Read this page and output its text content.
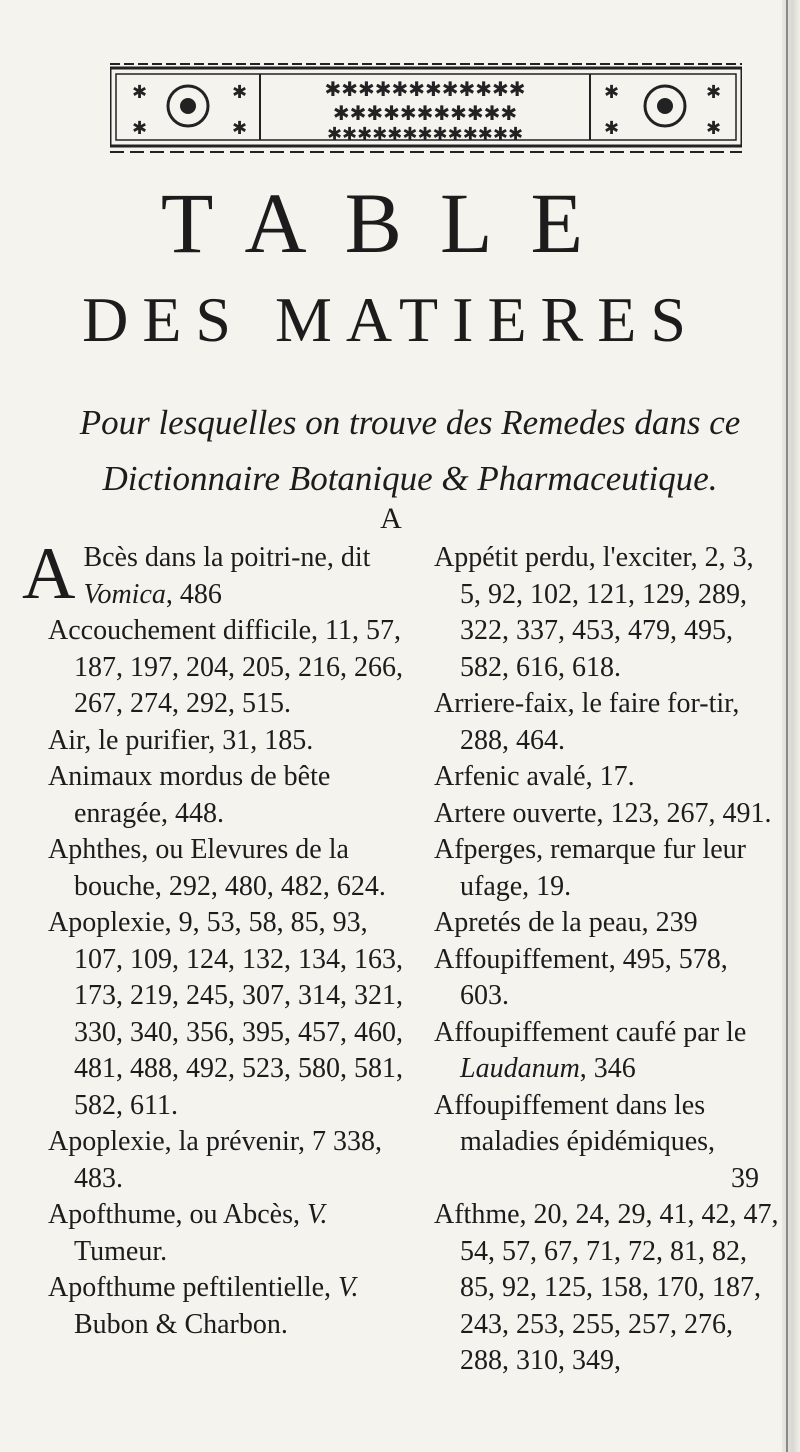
✱✱✱✱✱✱✱✱✱✱✱✱
✱✱✱✱✱✱✱✱✱✱✱
✱✱✱✱✱✱✱✱✱✱✱✱✱
✱
✱
✱
✱
✱
✱
✱
✱
TABLE
DES MATIERES
Pour lesquelles on trouve des Remedes dans ce Dictionnaire Botanique & Pharmaceutique.
A

A Bcès dans la poitri-ne, dit Vomica, 486

Accouchement difficile, 11, 57, 187, 197, 204, 205, 216, 266, 267, 274, 292, 515.

Air, le purifier, 31, 185.

Animaux mordus de bête enragée, 448.

Aphthes, ou Elevures de la bouche, 292, 480, 482, 624.

Apoplexie, 9, 53, 58, 85, 93, 107, 109, 124, 132, 134, 163, 173, 219, 245, 307, 314, 321, 330, 340, 356, 395, 457, 460, 481, 488, 492, 523, 580, 581, 582, 611.

Apoplexie, la prévenir, 7 338, 483.

Apofthume, ou Abcès, V. Tumeur.

Apofthume peftilentielle, V. Bubon & Charbon.

Appétit perdu, l'exciter, 2, 3, 5, 92, 102, 121, 129, 289, 322, 337, 453, 479, 495, 582, 616, 618.

Arriere-faix, le faire for-tir, 288, 464.

Arfenic avalé, 17.

Artere ouverte, 123, 267, 491.

Afperges, remarque fur leur ufage, 19.

Apretés de la peau, 239

Affoupiffement, 495, 578, 603.

Affoupiffement caufé par le Laudanum, 346

Affoupiffement dans les maladies épidémiques,

39

Afthme, 20, 24, 29, 41, 42, 47, 54, 57, 67, 71, 72, 81, 82, 85, 92, 125, 158, 170, 187, 243, 253, 255, 257, 276, 288, 310, 349,
